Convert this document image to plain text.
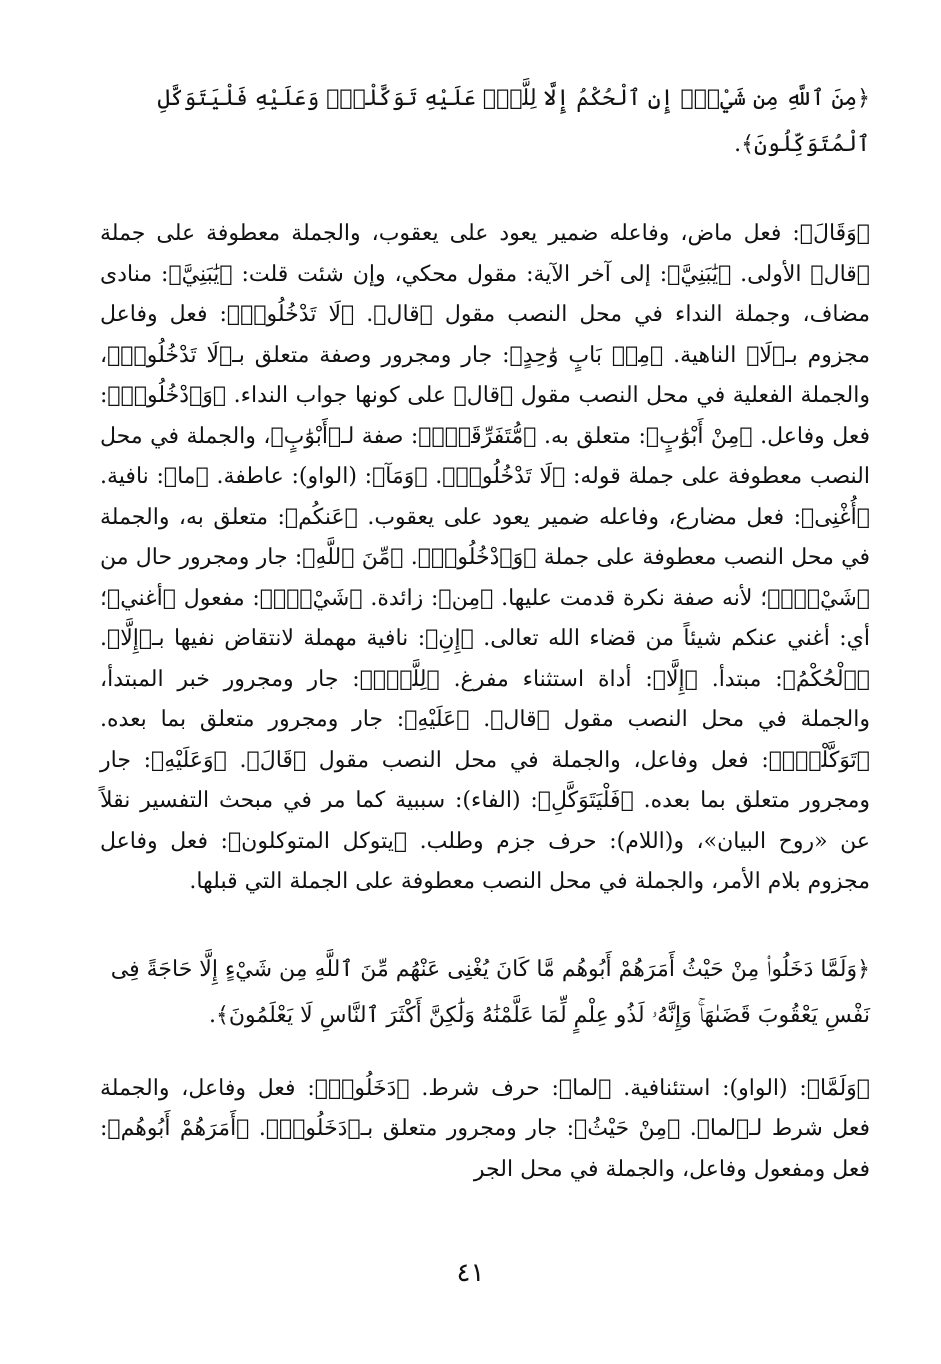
﴿مِنَ ٱللَّهِ مِن شَيْءٍۖ إِنِ ٱلْحُكْمُ إِلَّا لِلَّهِۖ عَلَيْهِ تَوَكَّلْتُۖ وَعَلَيْهِ فَلْيَتَوَكَّلِ ٱلْمُتَوَكِّلُونَ﴾.

﴿وَقَالَ﴾: فعل ماض، وفاعله ضمير يعود على يعقوب، والجملة معطوفة على جملة ﴿قال﴾ الأولى. ﴿يَٰبَنِيَّ﴾: إلى آخر الآية: مقول محكي، وإن شئت قلت: ﴿يَٰبَنِيَّ﴾: منادى مضاف، وجملة النداء في محل النصب مقول ﴿قال﴾. ﴿لَا تَدْخُلُوا۟﴾: فعل وفاعل مجزوم بـ﴿لَا﴾ الناهية. ﴿مِنۢ بَابٍ وَٰحِدٍ﴾: جار ومجرور وصفة متعلق بـ﴿لَا تَدْخُلُوا۟﴾، والجملة الفعلية في محل النصب مقول ﴿قال﴾ على كونها جواب النداء. ﴿وَٱدْخُلُوا۟﴾: فعل وفاعل. ﴿مِنْ أَبْوَٰبٍ﴾: متعلق به. ﴿مُّتَفَرِّقَةٍۖ﴾: صفة لـ﴿أَبْوَٰبٍ﴾، والجملة في محل النصب معطوفة على جملة قوله: ﴿لَا تَدْخُلُوا۟﴾. ﴿وَمَآ﴾: (الواو): عاطفة. ﴿ما﴾: نافية. ﴿أُغْنِى﴾: فعل مضارع، وفاعله ضمير يعود على يعقوب. ﴿عَنكُم﴾: متعلق به، والجملة في محل النصب معطوفة على جملة ﴿وَٱدْخُلُوا۟﴾. ﴿مِّنَ ٱللَّهِ﴾: جار ومجرور حال من ﴿شَيْءٍۖ﴾؛ لأنه صفة نكرة قدمت عليها. ﴿مِن﴾: زائدة. ﴿شَيْءٍۖ﴾: مفعول ﴿أغني﴾؛ أي: أغني عنكم شيئاً من قضاء الله تعالى. ﴿إِنِ﴾: نافية مهملة لانتقاض نفيها بـ﴿إِلَّا﴾. ﴿ٱلْحُكْمُ﴾: مبتدأ. ﴿إِلَّا﴾: أداة استثناء مفرغ. ﴿لِلَّهِۖ﴾: جار ومجرور خبر المبتدأ، والجملة في محل النصب مقول ﴿قال﴾. ﴿عَلَيْهِ﴾: جار ومجرور متعلق بما بعده. ﴿تَوَكَّلْتُۖ﴾: فعل وفاعل، والجملة في محل النصب مقول ﴿قَالَ﴾. ﴿وَعَلَيْهِ﴾: جار ومجرور متعلق بما بعده. ﴿فَلْيَتَوَكَّلِ﴾: (الفاء): سببية كما مر في مبحث التفسير نقلاً عن «روح البيان»، و(اللام): حرف جزم وطلب. ﴿يتوكل المتوكلون﴾: فعل وفاعل مجزوم بلام الأمر، والجملة في محل النصب معطوفة على الجملة التي قبلها.

﴿وَلَمَّا دَخَلُوا۟ مِنْ حَيْثُ أَمَرَهُمْ أَبُوهُم مَّا كَانَ يُغْنِى عَنْهُم مِّنَ ٱللَّهِ مِن شَيْءٍ إِلَّا حَاجَةً فِى نَفْسِ يَعْقُوبَ قَضَىٰهَاۚ وَإِنَّهُۥ لَذُو عِلْمٍ لِّمَا عَلَّمْنَٰهُ وَلَٰكِنَّ أَكْثَرَ ٱلنَّاسِ لَا يَعْلَمُونَ﴾.

﴿وَلَمَّا﴾: (الواو): استئنافية. ﴿لما﴾: حرف شرط. ﴿دَخَلُوا۟﴾: فعل وفاعل، والجملة فعل شرط لـ﴿لما﴾. ﴿مِنْ حَيْثُ﴾: جار ومجرور متعلق بـ﴿دَخَلُوا۟﴾. ﴿أَمَرَهُمْ أَبُوهُم﴾: فعل ومفعول وفاعل، والجملة في محل الجر

٤١
